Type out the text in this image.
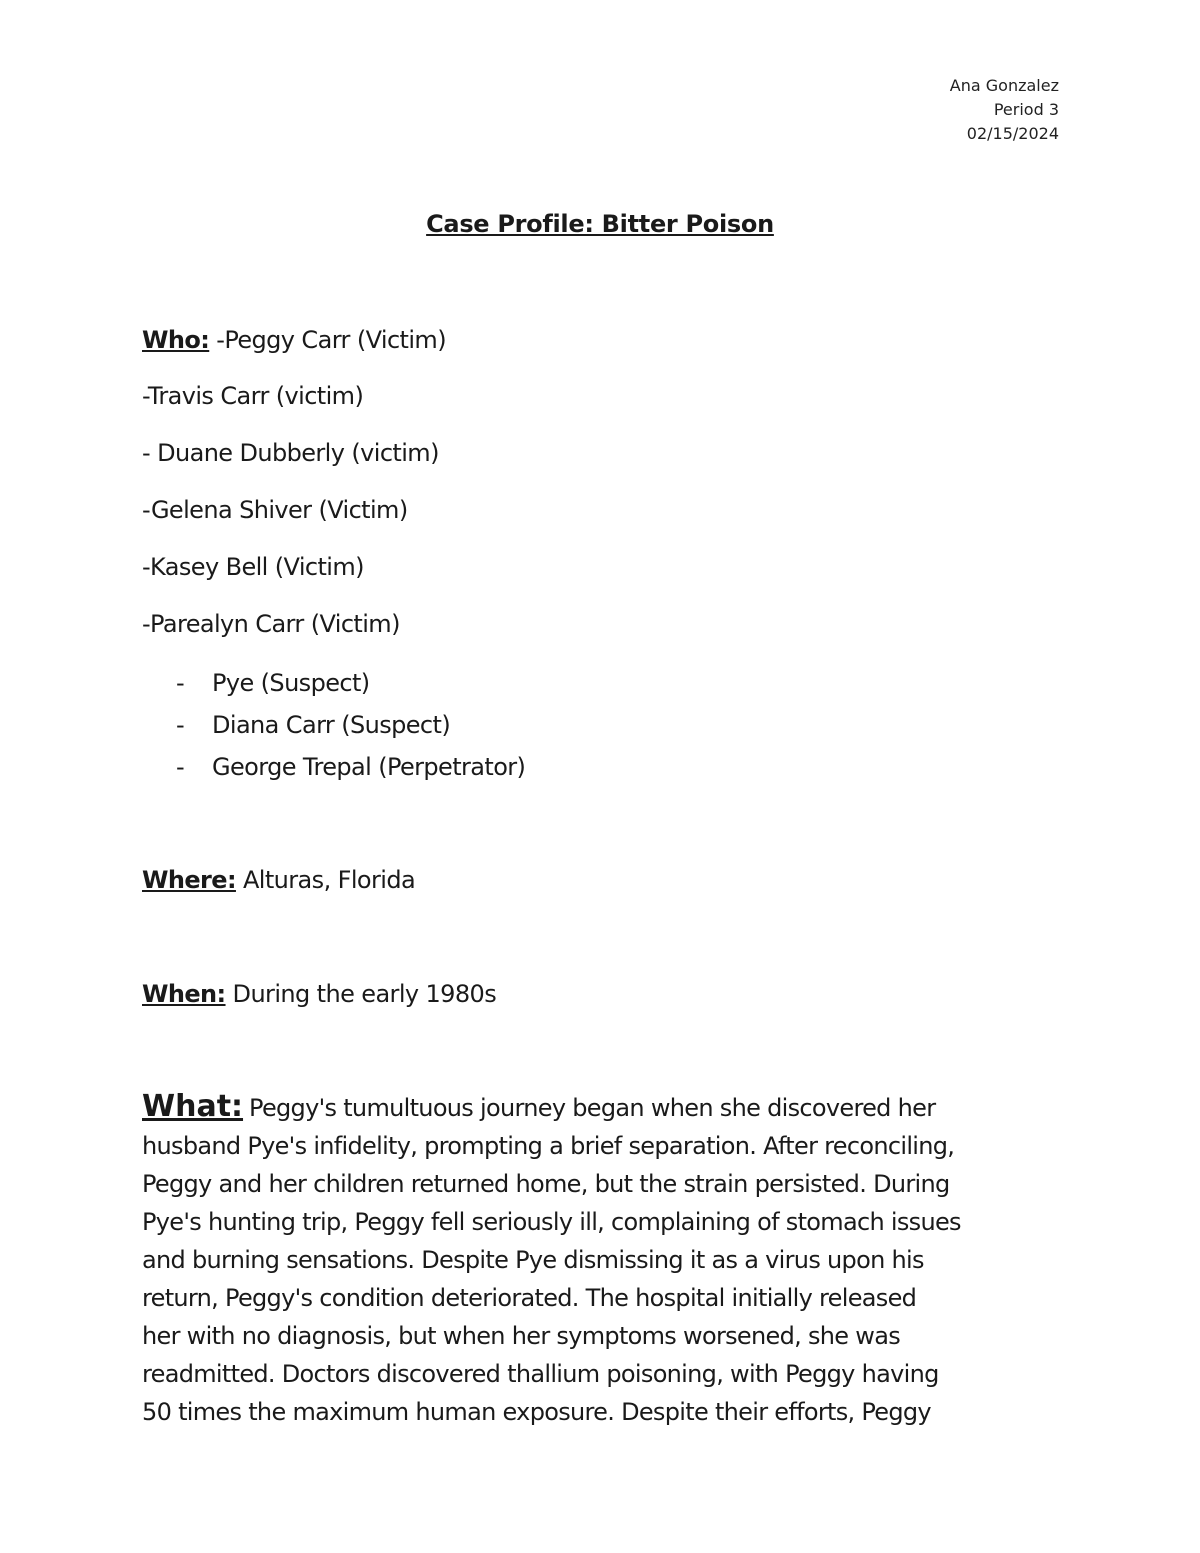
Ana Gonzalez
Period 3
02/15/2024
Case Profile: Bitter Poison
Who: -Peggy Carr (Victim)
-Travis Carr (victim)
- Duane Dubberly (victim)
-Gelena Shiver (Victim)
-Kasey Bell (Victim)
-Parealyn Carr (Victim)
- Pye (Suspect)
- Diana Carr (Suspect)
- George Trepal (Perpetrator)
Where: Alturas, Florida
When: During the early 1980s
What: Peggy's tumultuous journey began when she discovered her
husband Pye's infidelity, prompting a brief separation. After reconciling,
Peggy and her children returned home, but the strain persisted. During
Pye's hunting trip, Peggy fell seriously ill, complaining of stomach issues
and burning sensations. Despite Pye dismissing it as a virus upon his
return, Peggy's condition deteriorated. The hospital initially released
her with no diagnosis, but when her symptoms worsened, she was
readmitted. Doctors discovered thallium poisoning, with Peggy having
50 times the maximum human exposure. Despite their efforts, Peggy
